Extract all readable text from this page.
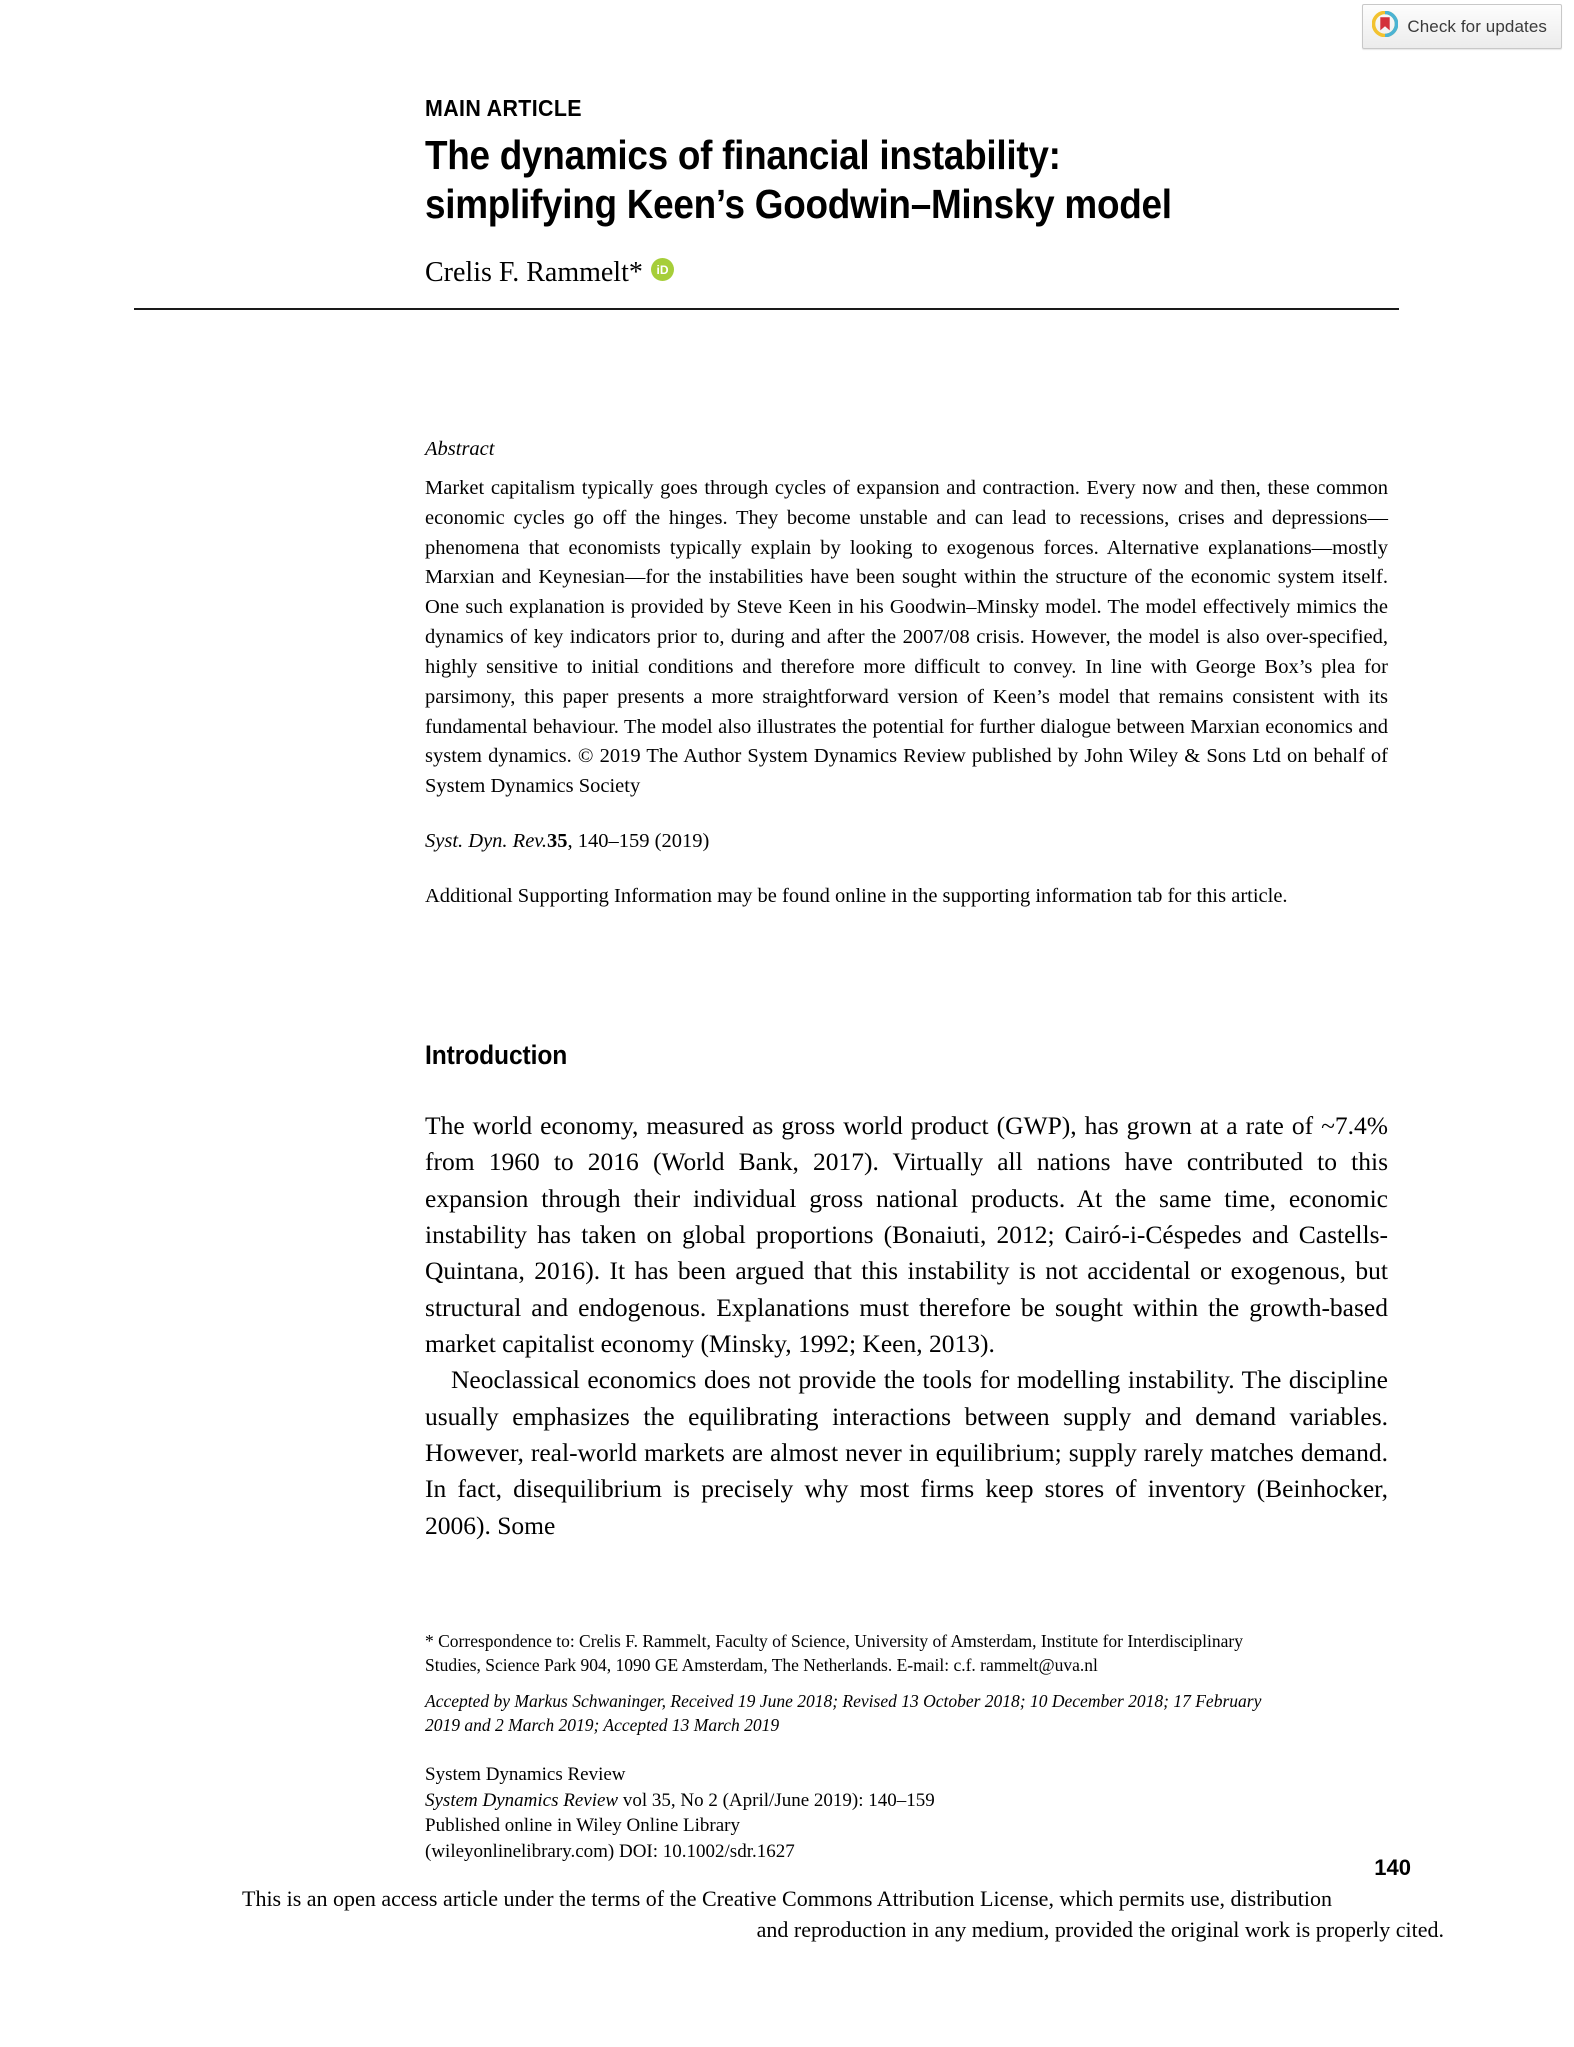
Check for updates
MAIN ARTICLE
The dynamics of financial instability:
simplifying Keen’s Goodwin–Minsky model
Crelis F. Rammelt* iD
Abstract
Market capitalism typically goes through cycles of expansion and contraction. Every now and then, these common economic cycles go off the hinges. They become unstable and can lead to recessions, crises and depressions—phenomena that economists typically explain by looking to exogenous forces. Alternative explanations—mostly Marxian and Keynesian—for the instabilities have been sought within the structure of the economic system itself. One such explanation is provided by Steve Keen in his Goodwin–Minsky model. The model effectively mimics the dynamics of key indicators prior to, during and after the 2007/08 crisis. However, the model is also over-specified, highly sensitive to initial conditions and therefore more difficult to convey. In line with George Box’s plea for parsimony, this paper presents a more straightforward version of Keen’s model that remains consistent with its fundamental behaviour. The model also illustrates the potential for further dialogue between Marxian economics and system dynamics. © 2019 The Author System Dynamics Review published by John Wiley & Sons Ltd on behalf of System Dynamics Society
Syst. Dyn. Rev.35, 140–159 (2019)
Additional Supporting Information may be found online in the supporting information tab for this article.
Introduction

The world economy, measured as gross world product (GWP), has grown at a rate of ~7.4% from 1960 to 2016 (World Bank, 2017). Virtually all nations have contributed to this expansion through their individual gross national products. At the same time, economic instability has taken on global proportions (Bonaiuti, 2012; Cairó-i-Céspedes and Castells-Quintana, 2016). It has been argued that this instability is not accidental or exogenous, but structural and endogenous. Explanations must therefore be sought within the growth-based market capitalist economy (Minsky, 1992; Keen, 2013).

Neoclassical economics does not provide the tools for modelling instability. The discipline usually emphasizes the equilibrating interactions between supply and demand variables. However, real-world markets are almost never in equilibrium; supply rarely matches demand. In fact, disequilibrium is precisely why most firms keep stores of inventory (Beinhocker, 2006). Some

* Correspondence to: Crelis F. Rammelt, Faculty of Science, University of Amsterdam, Institute for Interdisciplinary Studies, Science Park 904, 1090 GE Amsterdam, The Netherlands. E-mail: c.f. rammelt@uva.nl

Accepted by Markus Schwaninger, Received 19 June 2018; Revised 13 October 2018; 10 December 2018; 17 February 2019 and 2 March 2019; Accepted 13 March 2019

System Dynamics Review

System Dynamics Review vol 35, No 2 (April/June 2019): 140–159

Published online in Wiley Online Library

(wileyonlinelibrary.com) DOI: 10.1002/sdr.1627

140
This is an open access article under the terms of the Creative Commons Attribution License, which permits use, distribution
and reproduction in any medium, provided the original work is properly cited.
